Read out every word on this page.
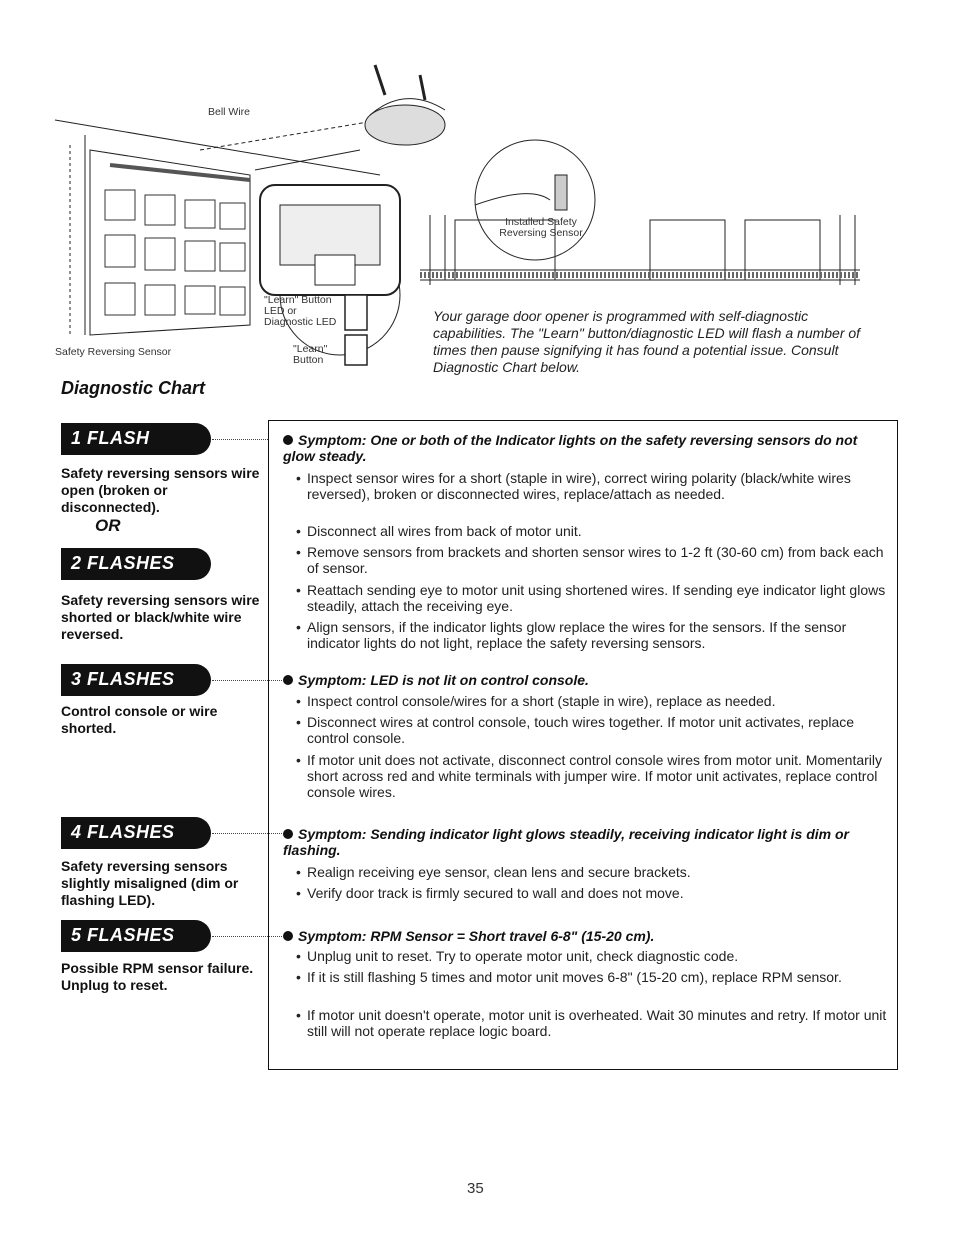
Bell Wire
Safety Reversing Sensor
"Learn" Button LED or Diagnostic LED
"Learn" Button
Installed Safety Reversing Sensor
Your garage door opener is programmed with self-diagnostic capabilities. The "Learn" button/diagnostic LED will flash a number of times then pause signifying it has found a potential issue. Consult Diagnostic Chart below.
Diagnostic Chart
1 FLASH
Safety reversing sensors wire open (broken or disconnected).
OR
2 FLASHES
Safety reversing sensors wire shorted or black/white wire reversed.
3 FLASHES
Control console or wire shorted.
4 FLASHES
Safety reversing sensors slightly misaligned (dim or flashing LED).
5 FLASHES
Possible RPM sensor failure. Unplug to reset.
Symptom: One or both of the Indicator lights on the safety reversing sensors do not glow steady.
• Inspect sensor wires for a short (staple in wire), correct wiring polarity (black/white wires reversed), broken or disconnected wires, replace/attach as needed.
• Disconnect all wires from back of motor unit.
• Remove sensors from brackets and shorten sensor wires to 1-2 ft (30-60 cm) from back each of sensor.
• Reattach sending eye to motor unit using shortened wires. If sending eye indicator light glows steadily, attach the receiving eye.
• Align sensors, if the indicator lights glow replace the wires for the sensors. If the sensor indicator lights do not light, replace the safety reversing sensors.
Symptom: LED is not lit on control console.
• Inspect control console/wires for a short (staple in wire), replace as needed.
• Disconnect wires at control console, touch wires together. If motor unit activates, replace control console.
• If motor unit does not activate, disconnect control console wires from motor unit. Momentarily short across red and white terminals with jumper wire. If motor unit activates, replace control console wires.
Symptom: Sending indicator light glows steadily, receiving indicator light is dim or flashing.
• Realign receiving eye sensor, clean lens and secure brackets.
• Verify door track is firmly secured to wall and does not move.
Symptom: RPM Sensor = Short travel 6-8" (15-20 cm).
• Unplug unit to reset. Try to operate motor unit, check diagnostic code.
• If it is still flashing 5 times and motor unit moves 6-8" (15-20 cm), replace RPM sensor.
• If motor unit doesn't operate, motor unit is overheated. Wait 30 minutes and retry. If motor unit still will not operate replace logic board.
35
